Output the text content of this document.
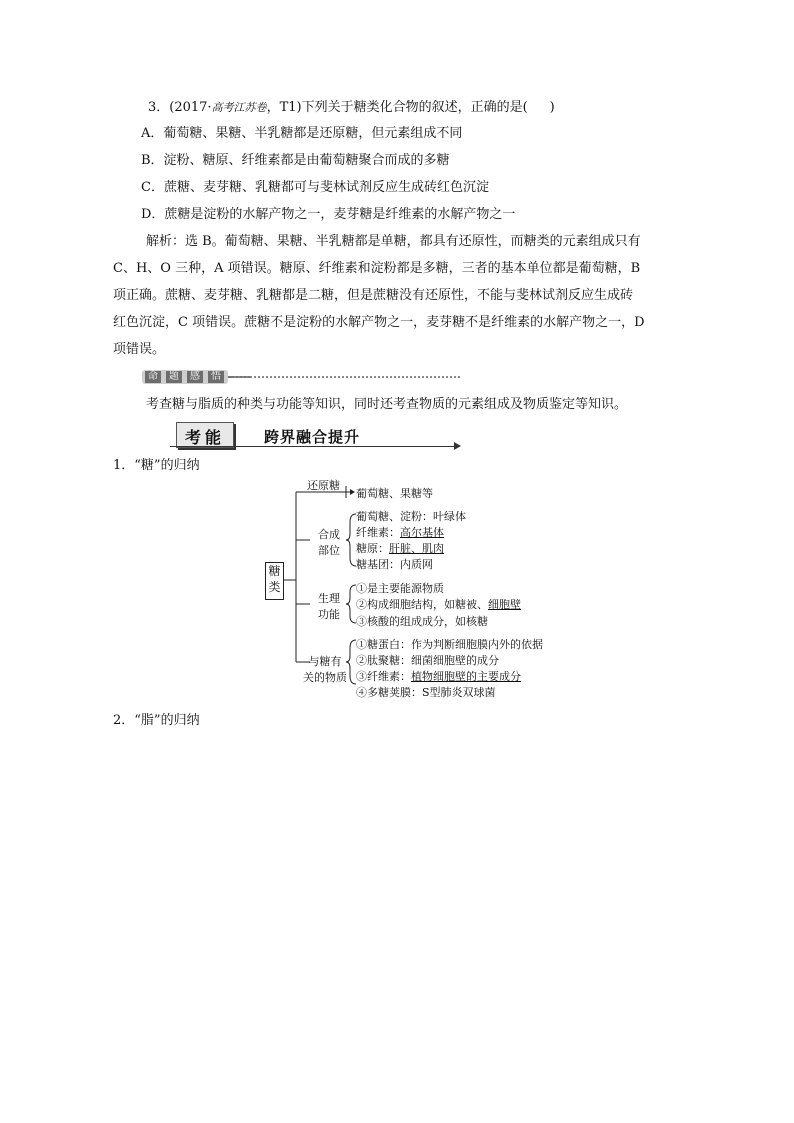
3．(2017·高考江苏卷，T1)下列关于糖类化合物的叙述，正确的是( )
A．葡萄糖、果糖、半乳糖都是还原糖，但元素组成不同
B．淀粉、糖原、纤维素都是由葡萄糖聚合而成的多糖
C．蔗糖、麦芽糖、乳糖都可与斐林试剂反应生成砖红色沉淀
D．蔗糖是淀粉的水解产物之一，麦芽糖是纤维素的水解产物之一
解析：选 B。葡萄糖、果糖、半乳糖都是单糖，都具有还原性，而糖类的元素组成只有
C、H、O 三种，A 项错误。糖原、纤维素和淀粉都是多糖，三者的基本单位都是葡萄糖，B
项正确。蔗糖、麦芽糖、乳糖都是二糖，但是蔗糖没有还原性，不能与斐林试剂反应生成砖
红色沉淀，C 项错误。蔗糖不是淀粉的水解产物之一，麦芽糖不是纤维素的水解产物之一，D
项错误。
命	题	感	悟
考查糖与脂质的种类与功能等知识，同时还考查物质的元素组成及物质鉴定等知识。
考能	跨界融合提升
1．“糖”的归纳
糖
类
还原糖
葡萄糖、果糖等
合成
部位
葡萄糖、淀粉：叶绿体
纤维素：高尔基体
糖原：肝脏、肌肉
糖基团：内质网
生理
功能
①是主要能源物质
②构成细胞结构，如糖被、细胞壁
③核酸的组成成分，如核糖
与糖有
关的物质
①糖蛋白：作为判断细胞膜内外的依据
②肽聚糖：细菌细胞壁的成分
③纤维素：植物细胞壁的主要成分
④多糖荚膜：S型肺炎双球菌
2．“脂”的归纳
